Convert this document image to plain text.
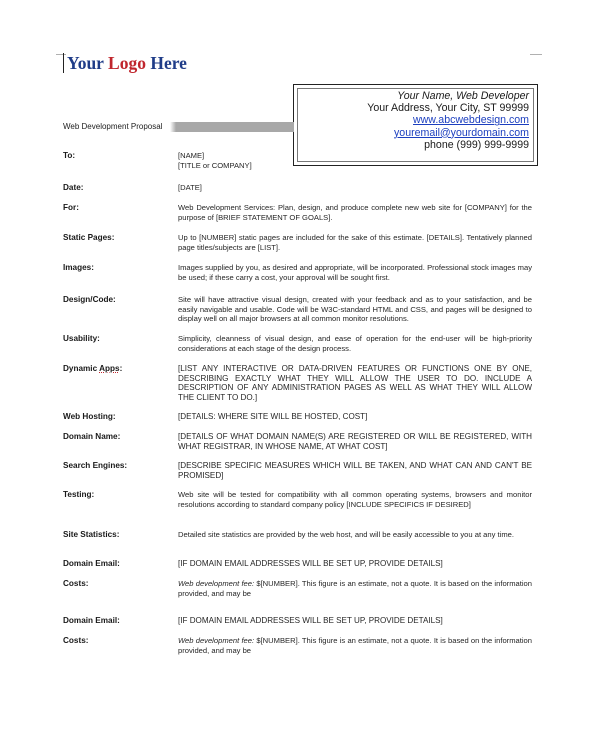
Your Logo Here
Your Name, Web Developer
Your Address, Your City, ST 99999
www.abcwebdesign.com
youremail@yourdomain.com
phone (999) 999-9999
Web Development Proposal
To:	[NAME]
[TITLE or COMPANY]
Date:	[DATE]
For:	Web Development Services: Plan, design, and produce complete new web site for [COMPANY] for the purpose of [BRIEF STATEMENT OF GOALS].
Static Pages:	Up to [NUMBER] static pages are included for the sake of this estimate. [DETAILS]. Tentatively planned page titles/subjects are [LIST].
Images:	Images supplied by you, as desired and appropriate, will be incorporated. Professional stock images may be used; if these carry a cost, your approval will be sought first.
Design/Code:	Site will have attractive visual design, created with your feedback and as to your satisfaction, and be easily navigable and usable. Code will be W3C-standard HTML and CSS, and pages will be designed to display well on all major browsers at all common monitor resolutions.
Usability:	Simplicity, cleanness of visual design, and ease of operation for the end-user will be high-priority considerations at each stage of the design process.
Dynamic Apps:	[LIST ANY INTERACTIVE OR DATA-DRIVEN FEATURES OR FUNCTIONS ONE BY ONE, DESCRIBING EXACTLY WHAT THEY WILL ALLOW THE USER TO DO. INCLUDE A DESCRIPTION OF ANY ADMINISTRATION PAGES AS WELL AS WHAT THEY WILL ALLOW THE CLIENT TO DO.]
Web Hosting:	[DETAILS: WHERE SITE WILL BE HOSTED, COST]
Domain Name:	[DETAILS OF WHAT DOMAIN NAME(S) ARE REGISTERED OR WILL BE REGISTERED, WITH WHAT REGISTRAR, IN WHOSE NAME, AT WHAT COST]
Search Engines:	[DESCRIBE SPECIFIC MEASURES WHICH WILL BE TAKEN, AND WHAT CAN AND CAN'T BE PROMISED]
Testing:	Web site will be tested for compatibility with all common operating systems, browsers and monitor resolutions according to standard company policy [INCLUDE SPECIFICS IF DESIRED]
Site Statistics:	Detailed site statistics are provided by the web host, and will be easily accessible to you at any time.
Domain Email:	[IF DOMAIN EMAIL ADDRESSES WILL BE SET UP, PROVIDE DETAILS]
Costs:	Web development fee: $[NUMBER]. This figure is an estimate, not a quote. It is based on the information provided, and may be
Domain Email:	[IF DOMAIN EMAIL ADDRESSES WILL BE SET UP, PROVIDE DETAILS]
Costs:	Web development fee: $[NUMBER]. This figure is an estimate, not a quote. It is based on the information provided, and may be
